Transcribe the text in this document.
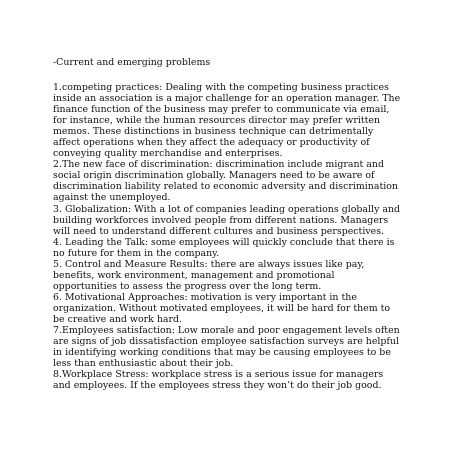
-Current and emerging problems

1.competing practices: Dealing with the competing business practices inside an association is a major challenge for an operation manager. The finance function of the business may prefer to communicate via email, for instance, while the human resources director may prefer written memos. These distinctions in business technique can detrimentally affect operations when they affect the adequacy or productivity of conveying quality merchandise and enterprises.

2.The new face of discrimination: discrimination include migrant and social origin discrimination globally. Managers need to be aware of discrimination liability related to economic adversity and discrimination against the unemployed.

3. Globalization: With a lot of companies leading operations globally and building workforces involved people from different nations. Managers will need to understand different cultures and business perspectives.

4. Leading the Talk: some employees will quickly conclude that there is no future for them in the company.

5. Control and Measure Results: there are always issues like pay, benefits, work environment, management and promotional opportunities to assess the progress over the long term.

6. Motivational Approaches: motivation is very important in the organization. Without motivated employees, it will be hard for them to be creative and work hard.

7.Employees satisfaction: Low morale and poor engagement levels often are signs of job dissatisfaction employee satisfaction surveys are helpful in identifying working conditions that may be causing employees to be less than enthusiastic about their job.

8.Workplace Stress: workplace stress is a serious issue for managers and employees. If the employees stress they won’t do their job good.
